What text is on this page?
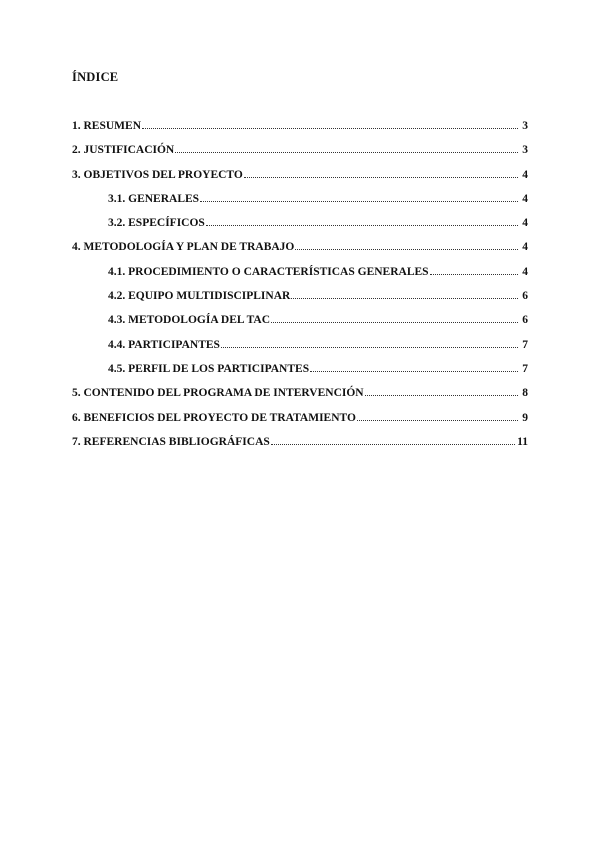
ÍNDICE
1. RESUMEN	3
2. JUSTIFICACIÓN	3
3. OBJETIVOS DEL PROYECTO	4
3.1. GENERALES	4
3.2. ESPECÍFICOS	4
4. METODOLOGÍA Y PLAN DE TRABAJO	4
4.1. PROCEDIMIENTO O CARACTERÍSTICAS GENERALES	4
4.2. EQUIPO MULTIDISCIPLINAR	6
4.3. METODOLOGÍA DEL TAC	6
4.4. PARTICIPANTES	7
4.5. PERFIL DE LOS PARTICIPANTES	7
5. CONTENIDO DEL PROGRAMA DE INTERVENCIÓN	8
6. BENEFICIOS DEL PROYECTO DE TRATAMIENTO	9
7. REFERENCIAS BIBLIOGRÁFICAS	11
